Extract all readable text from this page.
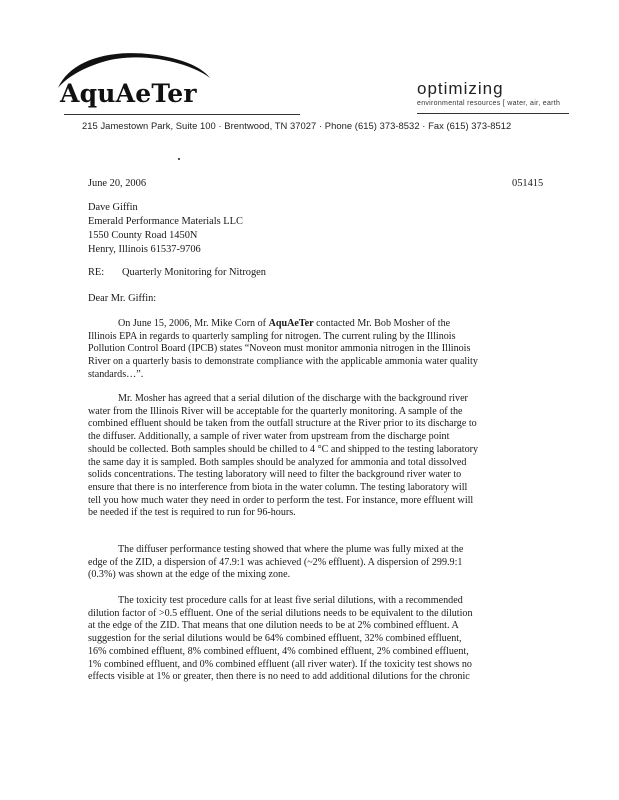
AquAeTer	optimizing
environmental resources [ water, air, earth
215 Jamestown Park, Suite 100 · Brentwood, TN 37027 · Phone (615) 373-8532 · Fax (615) 373-8512
June 20, 2006	051415
Dave Giffin
Emerald Performance Materials LLC
1550 County Road 1450N
Henry, Illinois 61537-9706
RE: Quarterly Monitoring for Nitrogen
Dear Mr. Giffin:
On June 15, 2006, Mr. Mike Corn of AquAeTer contacted Mr. Bob Mosher of the
Illinois EPA in regards to quarterly sampling for nitrogen. The current ruling by the Illinois
Pollution Control Board (IPCB) states “Noveon must monitor ammonia nitrogen in the Illinois
River on a quarterly basis to demonstrate compliance with the applicable ammonia water quality
standards…”.
Mr. Mosher has agreed that a serial dilution of the discharge with the background river
water from the Illinois River will be acceptable for the quarterly monitoring. A sample of the
combined effluent should be taken from the outfall structure at the River prior to its discharge to
the diffuser. Additionally, a sample of river water from upstream from the discharge point
should be collected. Both samples should be chilled to 4 °C and shipped to the testing laboratory
the same day it is sampled. Both samples should be analyzed for ammonia and total dissolved
solids concentrations. The testing laboratory will need to filter the background river water to
ensure that there is no interference from biota in the water column. The testing laboratory will
tell you how much water they need in order to perform the test. For instance, more effluent will
be needed if the test is required to run for 96-hours.
The diffuser performance testing showed that where the plume was fully mixed at the
edge of the ZID, a dispersion of 47.9:1 was achieved (~2% effluent). A dispersion of 299.9:1
(0.3%) was shown at the edge of the mixing zone.
The toxicity test procedure calls for at least five serial dilutions, with a recommended
dilution factor of >0.5 effluent. One of the serial dilutions needs to be equivalent to the dilution
at the edge of the ZID. That means that one dilution needs to be at 2% combined effluent. A
suggestion for the serial dilutions would be 64% combined effluent, 32% combined effluent,
16% combined effluent, 8% combined effluent, 4% combined effluent, 2% combined effluent,
1% combined effluent, and 0% combined effluent (all river water). If the toxicity test shows no
effects visible at 1% or greater, then there is no need to add additional dilutions for the chronic
